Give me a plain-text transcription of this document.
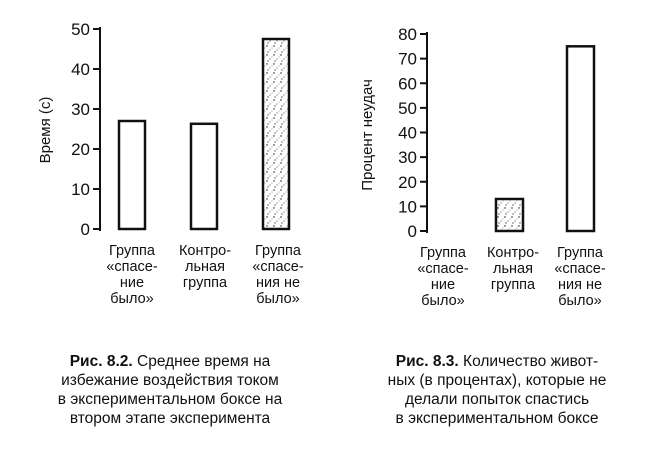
0
10
20
30
40
50
Время (с)
Группа «спасе-ние было»
Контро-льная группа
Группа «спасе-ния не было»
0
10
20
30
40
50
60
70
80
Процент неудач
Группа «спасе-ние было»
Контро-льная группа
Группа «спасе-ния не было»
Рис. 8.2. Среднее время на
избежание воздействия током
в экспериментальном боксе на
втором этапе эксперимента
Рис. 8.3. Количество живот-
ных (в процентах), которые не
делали попыток спастись
в экспериментальном боксе
